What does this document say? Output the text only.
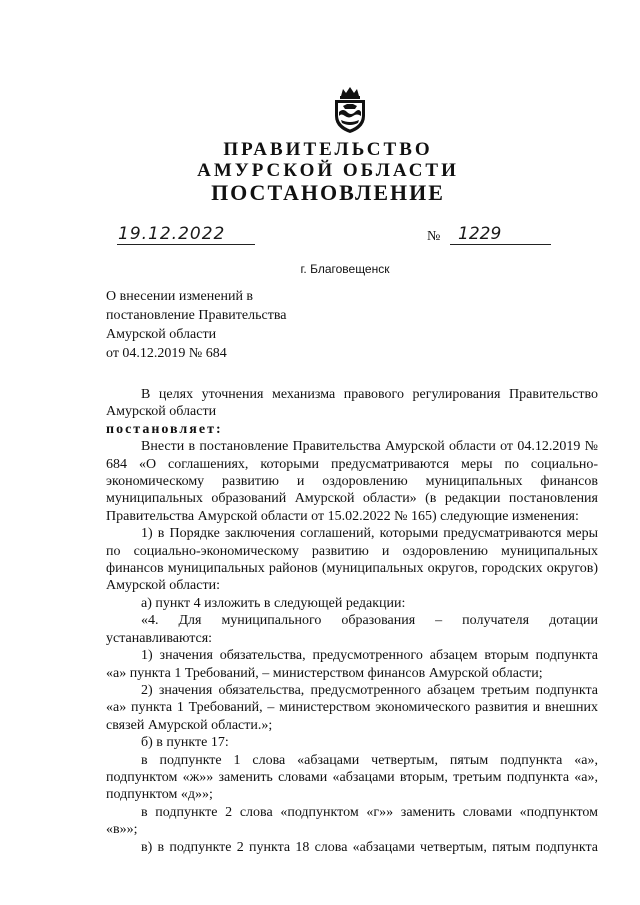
ПРАВИТЕЛЬСТВО
АМУРСКОЙ ОБЛАСТИ
ПОСТАНОВЛЕНИЕ
19.12.2022	№ 1229
г. Благовещенск
О внесении изменений в
постановление Правительства
Амурской области
от 04.12.2019 № 684
В целях уточнения механизма правового регулирования Правительство Амурской области
постановляет:
Внести в постановление Правительства Амурской области от 04.12.2019 № 684 «О соглашениях, которыми предусматриваются меры по социально-экономическому развитию и оздоровлению муниципальных финансов муниципальных образований Амурской области» (в редакции постановления Правительства Амурской области от 15.02.2022 № 165) следующие изменения:
1) в Порядке заключения соглашений, которыми предусматриваются меры по социально-экономическому развитию и оздоровлению муниципальных финансов муниципальных районов (муниципальных округов, городских округов) Амурской области:
а) пункт 4 изложить в следующей редакции:
«4. Для муниципального образования – получателя дотации устанавливаются:
1) значения обязательства, предусмотренного абзацем вторым подпункта «а» пункта 1 Требований, – министерством финансов Амурской области;
2) значения обязательства, предусмотренного абзацем третьим подпункта «а» пункта 1 Требований, – министерством экономического развития и внешних связей Амурской области.»;
б) в пункте 17:
в подпункте 1 слова «абзацами четвертым, пятым подпункта «а», подпунктом «ж»» заменить словами «абзацами вторым, третьим подпункта «а», подпунктом «д»»;
в подпункте 2 слова «подпунктом «г»» заменить словами «подпунктом «в»»;
в) в подпункте 2 пункта 18 слова «абзацами четвертым, пятым подпункта
